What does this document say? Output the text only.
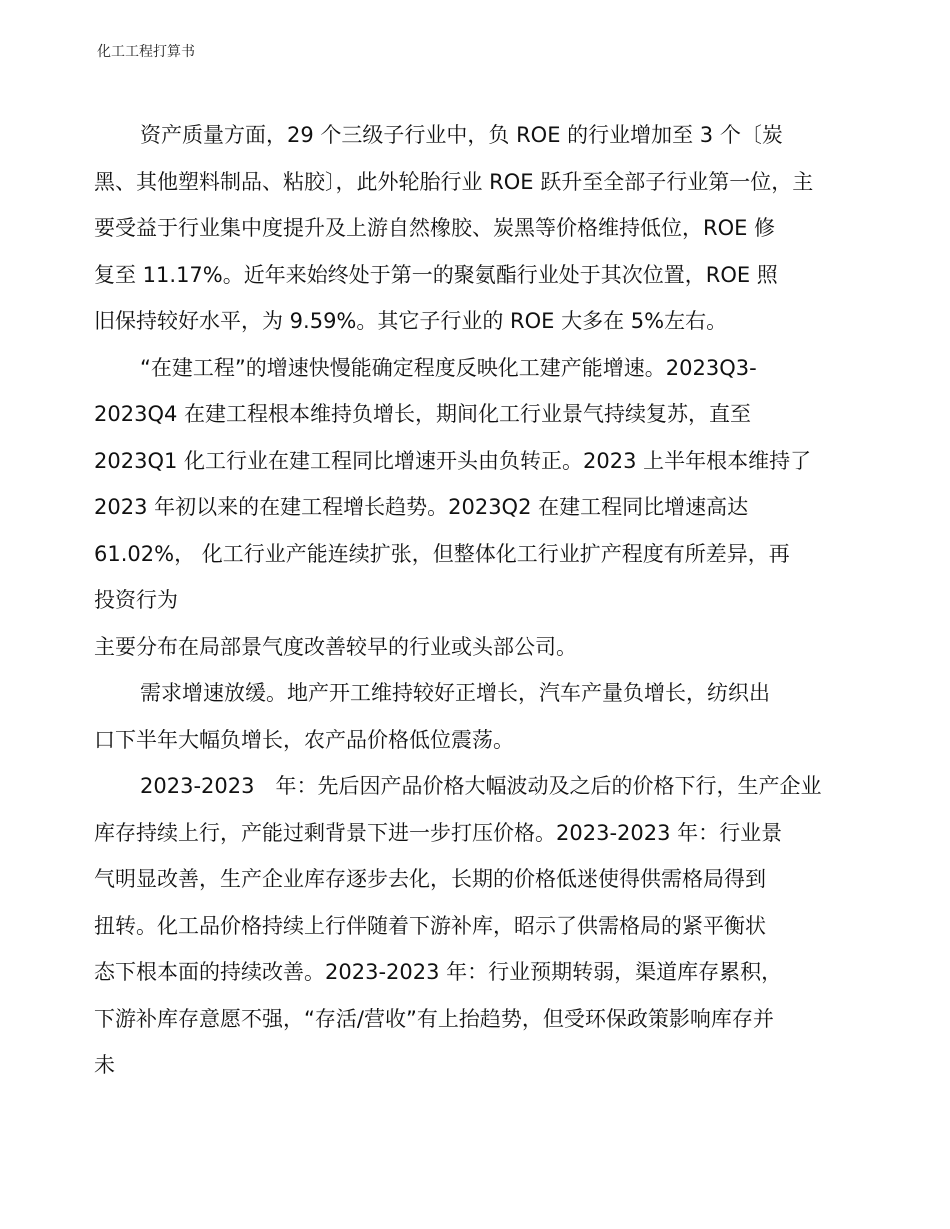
化工工程打算书
资产质量方面，29 个三级子行业中，负 ROE 的行业增加至 3 个〔炭
黑、其他塑料制品、粘胶〕，此外轮胎行业 ROE 跃升至全部子行业第一位，主
要受益于行业集中度提升及上游自然橡胶、炭黑等价格维持低位，ROE 修
复至 11.17%。近年来始终处于第一的聚氨酯行业处于其次位置，ROE 照
旧保持较好水平，为 9.59%。其它子行业的 ROE 大多在 5%左右。
“在建工程”的增速快慢能确定程度反映化工建产能增速。2023Q3-
2023Q4 在建工程根本维持负增长，期间化工行业景气持续复苏，直至
2023Q1 化工行业在建工程同比增速开头由负转正。2023 上半年根本维持了
2023 年初以来的在建工程增长趋势。2023Q2 在建工程同比增速高达
61.02%， 化工行业产能连续扩张，但整体化工行业扩产程度有所差异，再
投资行为
主要分布在局部景气度改善较早的行业或头部公司。
需求增速放缓。地产开工维持较好正增长，汽车产量负增长，纺织出
口下半年大幅负增长，农产品价格低位震荡。
2023-2023　年：先后因产品价格大幅波动及之后的价格下行，生产企业
库存持续上行，产能过剩背景下进一步打压价格。2023-2023 年：行业景
气明显改善，生产企业库存逐步去化，长期的价格低迷使得供需格局得到
扭转。化工品价格持续上行伴随着下游补库，昭示了供需格局的紧平衡状
态下根本面的持续改善。2023-2023 年：行业预期转弱，渠道库存累积，
下游补库存意愿不强，“存活/营收”有上抬趋势，但受环保政策影响库存并
未
